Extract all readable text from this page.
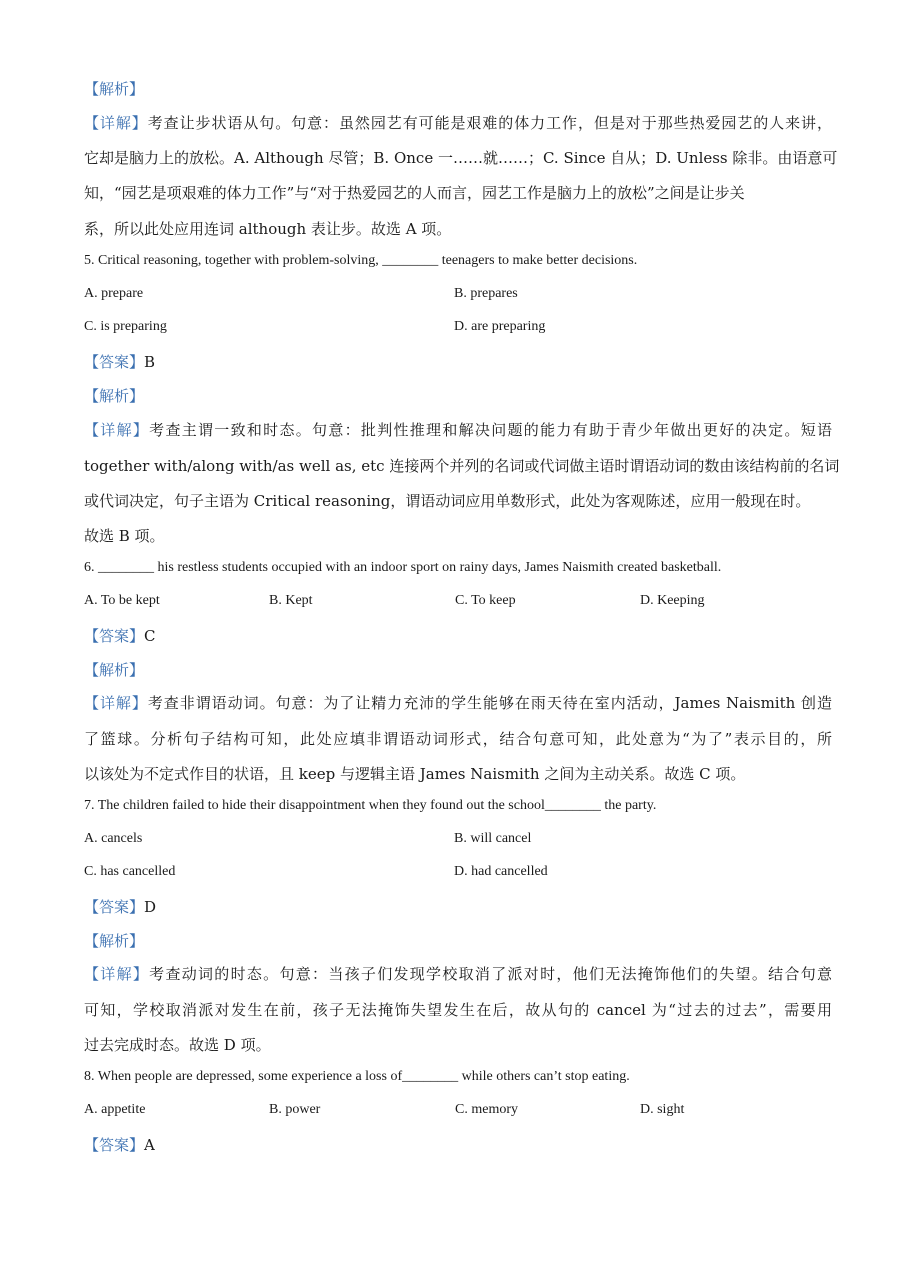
【解析】
【详解】考查让步状语从句。句意：虽然园艺有可能是艰难的体力工作，但是对于那些热爱园艺的人来讲，
它却是脑力上的放松。A. Although 尽管；B. Once 一……就……；C. Since 自从；D. Unless 除非。由语意可
知，“园艺是项艰难的体力工作”与“对于热爱园艺的人而言，园艺工作是脑力上的放松”之间是让步关
系，所以此处应用连词 although 表让步。故选 A 项。
5. Critical reasoning, together with problem-solving, ________ teenagers to make better decisions.
A. prepare	B. prepares
C. is preparing	D. are preparing
【答案】B
【解析】
【详解】考查主谓一致和时态。句意：批判性推理和解决问题的能力有助于青少年做出更好的决定。短语
together with/along with/as well as, etc 连接两个并列的名词或代词做主语时谓语动词的数由该结构前的名词
或代词决定，句子主语为 Critical reasoning，谓语动词应用单数形式，此处为客观陈述，应用一般现在时。
故选 B 项。
6. ________ his restless students occupied with an indoor sport on rainy days, James Naismith created basketball.
A. To be kept	B. Kept	C. To keep	D. Keeping
【答案】C
【解析】
【详解】考查非谓语动词。句意：为了让精力充沛的学生能够在雨天待在室内活动，James Naismith 创造
了篮球。分析句子结构可知，此处应填非谓语动词形式，结合句意可知，此处意为“为了”表示目的，所
以该处为不定式作目的状语，且 keep 与逻辑主语 James Naismith 之间为主动关系。故选 C 项。
7. The children failed to hide their disappointment when they found out the school________ the party.
A. cancels	B. will cancel
C. has cancelled	D. had cancelled
【答案】D
【解析】
【详解】考查动词的时态。句意：当孩子们发现学校取消了派对时，他们无法掩饰他们的失望。结合句意
可知，学校取消派对发生在前，孩子无法掩饰失望发生在后，故从句的 cancel 为“过去的过去”，需要用
过去完成时态。故选 D 项。
8. When people are depressed, some experience a loss of________ while others can’t stop eating.
A. appetite	B. power	C. memory	D. sight
【答案】A
